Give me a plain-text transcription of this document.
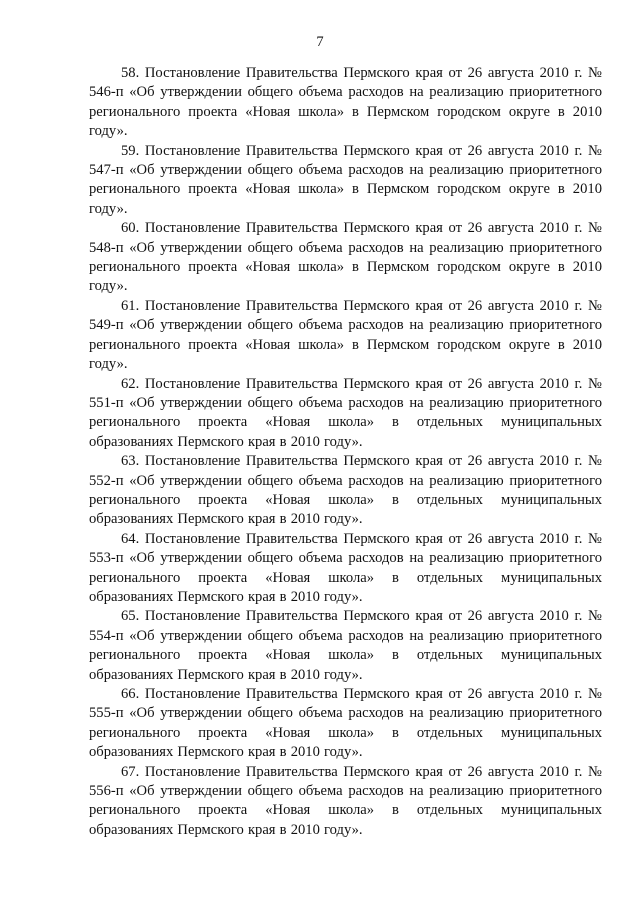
7

58. Постановление Правительства Пермского края от 26 августа 2010 г. № 546-п «Об утверждении общего объема расходов на реализацию приоритетного регионального проекта «Новая школа» в Пермском городском округе в 2010 году».

59. Постановление Правительства Пермского края от 26 августа 2010 г. № 547-п «Об утверждении общего объема расходов на реализацию приоритетного регионального проекта «Новая школа» в Пермском городском округе в 2010 году».

60. Постановление Правительства Пермского края от 26 августа 2010 г. № 548-п «Об утверждении общего объема расходов на реализацию приоритетного регионального проекта «Новая школа» в Пермском городском округе в 2010 году».

61. Постановление Правительства Пермского края от 26 августа 2010 г. № 549-п «Об утверждении общего объема расходов на реализацию приоритетного регионального проекта «Новая школа» в Пермском городском округе в 2010 году».

62. Постановление Правительства Пермского края от 26 августа 2010 г. № 551-п «Об утверждении общего объема расходов на реализацию приоритетного регионального проекта «Новая школа» в отдельных муниципальных образованиях Пермского края в 2010 году».

63. Постановление Правительства Пермского края от 26 августа 2010 г. № 552-п «Об утверждении общего объема расходов на реализацию приоритетного регионального проекта «Новая школа» в отдельных муниципальных образованиях Пермского края в 2010 году».

64. Постановление Правительства Пермского края от 26 августа 2010 г. № 553-п «Об утверждении общего объема расходов на реализацию приоритетного регионального проекта «Новая школа» в отдельных муниципальных образованиях Пермского края в 2010 году».

65. Постановление Правительства Пермского края от 26 августа 2010 г. № 554-п «Об утверждении общего объема расходов на реализацию приоритетного регионального проекта «Новая школа» в отдельных муниципальных образованиях Пермского края в 2010 году».

66. Постановление Правительства Пермского края от 26 августа 2010 г. № 555-п «Об утверждении общего объема расходов на реализацию приоритетного регионального проекта «Новая школа» в отдельных муниципальных образованиях Пермского края в 2010 году».

67. Постановление Правительства Пермского края от 26 августа 2010 г. № 556-п «Об утверждении общего объема расходов на реализацию приоритетного регионального проекта «Новая школа» в отдельных муниципальных образованиях Пермского края в 2010 году».
